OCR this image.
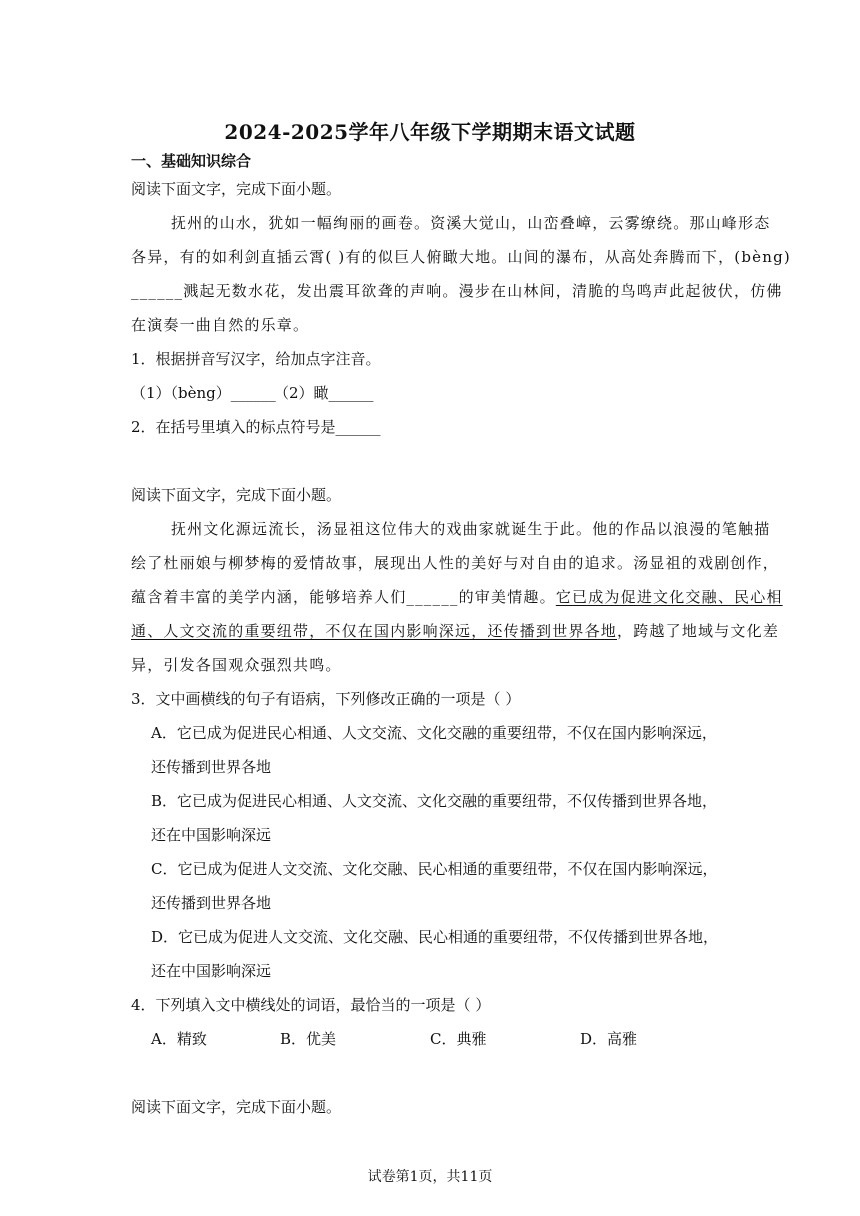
2024-2025学年八年级下学期期末语文试题
一、基础知识综合
阅读下面文字，完成下面小题。
抚州的山水，犹如一幅绚丽的画卷。资溪大觉山，山峦叠嶂，云雾缭绕。那山峰形态
各异，有的如利剑直插云霄( )有的似巨人俯瞰大地。山间的瀑布，从高处奔腾而下，(bèng)
______溅起无数水花，发出震耳欲聋的声响。漫步在山林间，清脆的鸟鸣声此起彼伏，仿佛
在演奏一曲自然的乐章。
1．根据拼音写汉字，给加点字注音。
（1）（bèng）______
（2）瞰______
2．在括号里填入的标点符号是______
阅读下面文字，完成下面小题。
抚州文化源远流长，汤显祖这位伟大的戏曲家就诞生于此。他的作品以浪漫的笔触描
绘了杜丽娘与柳梦梅的爱情故事，展现出人性的美好与对自由的追求。汤显祖的戏剧创作，
蕴含着丰富的美学内涵，能够培养人们______的审美情趣。它已成为促进文化交融、民心相
通、人文交流的重要纽带，不仅在国内影响深远，还传播到世界各地，跨越了地域与文化差
异，引发各国观众强烈共鸣。
3．文中画横线的句子有语病，下列修改正确的一项是（ ）
A．它已成为促进民心相通、人文交流、文化交融的重要纽带，不仅在国内影响深远，
还传播到世界各地
B．它已成为促进民心相通、人文交流、文化交融的重要纽带，不仅传播到世界各地，
还在中国影响深远
C．它已成为促进人文交流、文化交融、民心相通的重要纽带，不仅在国内影响深远，
还传播到世界各地
D．它已成为促进人文交流、文化交融、民心相通的重要纽带，不仅传播到世界各地，
还在中国影响深远
4．下列填入文中横线处的词语，最恰当的一项是（ ）
A．精致	B．优美	C．典雅	D．高雅
阅读下面文字，完成下面小题。
试卷第1页，共11页
